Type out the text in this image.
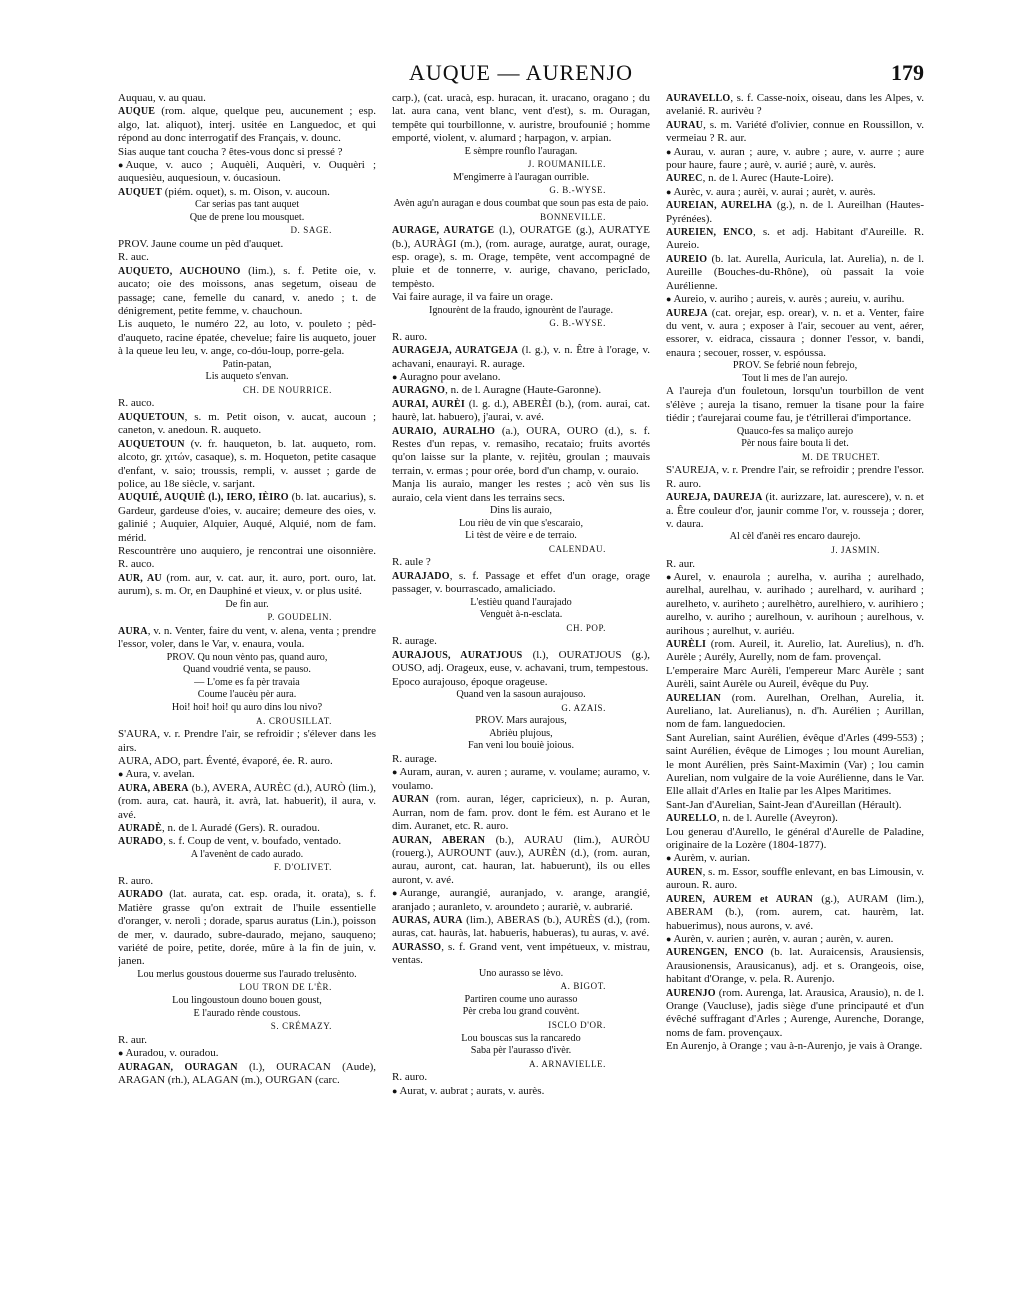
AUQUE — AURENJO	179

Auquau, v. au quau.

AUQUE (rom. alque, quelque peu, aucunement ; esp. algo, lat. aliquot), interj. usitée en Languedoc, et qui répond au donc interrogatif des Français, v. dounc.

Sias auque tant coucha ? êtes-vous donc si pressé ?

● Auque, v. auco ; Auquèli, Auquèri, v. Ouquèri ; auquesièu, auquesioun, v. óucasioun.

AUQUET (piém. oquet), s. m. Oison, v. aucoun.

Car serias pas tant auquet

Que de prene lou mousquet.

D. SAGE.

PROV. Jaune coume un pèd d'auquet.

R. auc.

AUQUETO, AUCHOUNO (lim.), s. f. Petite oie, v. aucato; oie des moissons, anas segetum, oiseau de passage; cane, femelle du canard, v. anedo ; t. de dénigrement, petite femme, v. chauchoun.

Lis auqueto, le numéro 22, au loto, v. pouleto ; pèd-d'auqueto, racine épatée, chevelue; faire lis auqueto, jouer à la queue leu leu, v. ange, co-dóu-loup, porre-gela.

Patin-patan,

Lis auqueto s'envan.

CH. DE NOURRICE.

R. auco.

AUQUETOUN, s. m. Petit oison, v. aucat, aucoun ; caneton, v. anedoun. R. auqueto.

AUQUETOUN (v. fr. hauqueton, b. lat. auqueto, rom. alcoto, gr. χιτών, casaque), s. m. Hoqueton, petite casaque d'enfant, v. saio; troussis, rempli, v. ausset ; garde de police, au 18e siècle, v. sarjant.

AUQUIÉ, AUQUIÈ (l.), IERO, IÈIRO (b. lat. aucarius), s. Gardeur, gardeuse d'oies, v. aucaire; demeure des oies, v. galinié ; Auquier, Alquier, Auqué, Alquié, nom de fam. mérid.

Rescountrère uno auquiero, je rencontrai une oisonnière. R. auco.

AUR, AU (rom. aur, v. cat. aur, it. auro, port. ouro, lat. aurum), s. m. Or, en Dauphiné et vieux, v. or plus usité.

De fin aur.

P. GOUDELIN.

AURA, v. n. Venter, faire du vent, v. alena, venta ; prendre l'essor, voler, dans le Var, v. enaura, voula.

PROV. Qu noun vènto pas, quand auro,

Quand voudrié venta, se pauso.

— L'ome es fa pèr travaia

Coume l'aucèu pèr aura.

Hoi! hoi! hoi! qu auro dins lou nivo?

A. CROUSILLAT.

S'AURA, v. r. Prendre l'air, se refroidir ; s'élever dans les airs.

AURA, ADO, part. Éventé, évaporé, ée. R. auro.

● Aura, v. avelan.

AURA, ABERA (b.), AVERA, AURÈC (d.), AURÒ (lim.), (rom. aura, cat. haurà, it. avrà, lat. habuerit), il aura, v. avé.

AURADÈ, n. de l. Auradé (Gers). R. ouradou.

AURADO, s. f. Coup de vent, v. boufado, ventado.

A l'avenènt de cado aurado.

F. D'OLIVET.

R. auro.

AURADO (lat. aurata, cat. esp. orada, it. orata), s. f. Matière grasse qu'on extrait de l'huile essentielle d'oranger, v. nerolì ; dorade, sparus auratus (Lin.), poisson de mer, v. daurado, subre-daurado, mejano, sauqueno; variété de poire, petite, dorée, mûre à la fin de juin, v. janen.

Lou merlus goustous douerme sus l'aurado trelusènto.

LOU TRON DE L'ÈR.

Lou lingoustoun douno bouen goust,

E l'aurado rènde coustous.

S. CRÉMAZY.

R. aur.

● Auradou, v. ouradou.

AURAGAN, OURAGAN (l.), OURACAN (Aude), ARAGAN (rh.), ALAGAN (m.), OURGAN (carc.

carp.), (cat. uracà, esp. huracan, it. uracano, oragano ; du lat. aura cana, vent blanc, vent d'est), s. m. Ouragan, tempête qui tourbillonne, v. auristre, broufounié ; homme emporté, violent, v. alumard ; harpagon, v. arpian.

E sèmpre rounflo l'auragan.

J. ROUMANILLE.

M'engimerre à l'auragan ourrible.

G. B.-WYSE.

Avèn agu'n auragan e dous coumbat que soun pas esta de paio.

BONNEVILLE.

AURAGE, AURATGE (l.), OURATGE (g.), AURATYE (b.), AURÀGI (m.), (rom. aurage, auratge, aurat, ourage, esp. orage), s. m. Orage, tempête, vent accompagné de pluie et de tonnerre, v. aurige, chavano, pericIado, tempèsto.

Vai faire aurage, il va faire un orage.

Ignourènt de la fraudo, ignourènt de l'aurage.

G. B.-WYSE.

R. auro.

AURAGEJA, AURATGEJA (l. g.), v. n. Être à l'orage, v. achavani, enaurayi. R. aurage.

● Auragno pour avelano.

AURAGNO, n. de l. Auragne (Haute-Garonne).

AURAI, AURÈI (l. g. d.), ABERÈI (b.), (rom. aurai, cat. haurè, lat. habuero), j'aurai, v. avé.

AURAIO, AURALHO (a.), OURA, OURO (d.), s. f. Restes d'un repas, v. remasiho, recataio; fruits avortés qu'on laisse sur la plante, v. rejitèu, groulan ; mauvais terrain, v. ermas ; pour orée, bord d'un champ, v. ouraio.

Manja lis auraio, manger les restes ; acò vèn sus lis auraio, cela vient dans les terrains secs.

Dins lis auraio,

Lou rièu de vin que s'escaraio,

Li tèst de vèire e de terraio.

CALENDAU.

R. aule ?

AURAJADO, s. f. Passage et effet d'un orage, orage passager, v. bourrascado, amaliciado.

L'estièu quand l'aurajado

Venguèt à-n-esclata.

CH. POP.

R. aurage.

AURAJOUS, AURATJOUS (l.), OURATJOUS (g.), OUSO, adj. Orageux, euse, v. achavani, trum, tempestous.

Epoco aurajouso, époque orageuse.

Quand ven la sasoun aurajouso.

G. AZAIS.

PROV. Mars aurajous,

Abrièu plujous,

Fan veni lou bouiè joious.

R. aurage.

● Auram, auran, v. auren ; aurame, v. voulame; auramo, v. voulamo.

AURAN (rom. auran, léger, capricieux), n. p. Auran, Aurran, nom de fam. prov. dont le fém. est Aurano et le dim. Auranet, etc. R. auro.

AURAN, ABERAN (b.), AURAU (lim.), AURÒU (rouerg.), AUROUNT (auv.), AURÈN (d.), (rom. auran, aurau, auront, cat. hauran, lat. habuerunt), ils ou elles auront, v. avé.

● Aurange, aurangié, auranjado, v. arange, arangié, aranjado ; auranleto, v. aroundeto ; aurariè, v. aubrarié.

AURAS, AURA (lim.), ABERAS (b.), AURÈS (d.), (rom. auras, cat. hauràs, lat. habueris, habueras), tu auras, v. avé.

AURASSO, s. f. Grand vent, vent impétueux, v. mistrau, ventas.

Uno aurasso se lèvo.

A. BIGOT.

Partiren coume uno aurasso

Pèr creba lou grand couvènt.

ISCLO D'OR.

Lou bouscas sus la rancaredo

Saba pèr l'aurasso d'ivèr.

A. ARNAVIELLE.

R. auro.

● Aurat, v. aubrat ; aurats, v. aurès.

AURAVELLO, s. f. Casse-noix, oiseau, dans les Alpes, v. avelanié. R. aurivèu ?

AURAU, s. m. Variété d'olivier, connue en Roussillon, v. vermeiau ? R. aur.

● Aurau, v. auran ; aure, v. aubre ; aure, v. aurre ; aure pour haure, faure ; aurè, v. aurié ; aurè, v. aurès.

AUREC, n. de l. Aurec (Haute-Loire).

● Aurèc, v. aura ; aurèi, v. aurai ; aurèt, v. aurès.

AUREIAN, AURELHA (g.), n. de l. Aureilhan (Hautes-Pyrénées).

AUREIEN, ENCO, s. et adj. Habitant d'Aureille. R. Aureio.

AUREIO (b. lat. Aurella, Auricula, lat. Aurelia), n. de l. Aureille (Bouches-du-Rhône), où passait la voie Aurélienne.

● Aureio, v. auriho ; aureis, v. aurès ; aureiu, v. aurihu.

AUREJA (cat. orejar, esp. orear), v. n. et a. Venter, faire du vent, v. aura ; exposer à l'air, secouer au vent, aérer, essorer, v. eidraca, cissaura ; donner l'essor, v. bandi, enaura ; secouer, rosser, v. espóussa.

PROV. Se febrié noun febrejo,

Tout li mes de l'an aurejo.

A l'aureja d'un fouletoun, lorsqu'un tourbillon de vent s'élève ; aureja la tisano, remuer la tisane pour la faire tiédir ; t'aurejarai coume fau, je t'étrillerai d'importance.

Quauco-fes sa maliço aurejo

Pèr nous faire bouta li det.

M. DE TRUCHET.

S'AUREJA, v. r. Prendre l'air, se refroidir ; prendre l'essor. R. auro.

AUREJA, DAUREJA (it. aurizzare, lat. aurescere), v. n. et a. Être couleur d'or, jaunir comme l'or, v. rousseja ; dorer, v. daura.

Al cèl d'anèi res encaro daurejo.

J. JASMIN.

R. aur.

● Aurel, v. enaurola ; aurelha, v. auriha ; aurelhado, aurelhal, aurelhau, v. aurihado ; aurelhard, v. aurihard ; aurelheto, v. auriheto ; aurelhètro, aurelhiero, v. aurihiero ; aurelho, v. auriho ; aurelhoun, v. aurihoun ; aurelhous, v. aurihous ; aurelhut, v. auriéu.

AURÈLI (rom. Aureil, it. Aurelio, lat. Aurelius), n. d'h. Aurèle ; Aurély, Aurelly, nom de fam. provençal.

L'emperaire Marc Aurèli, l'empereur Marc Aurèle ; sant Aurèli, saint Aurèle ou Aureil, évêque du Puy.

AURELIAN (rom. Aurelhan, Orelhan, Aurelia, it. Aureliano, lat. Aurelianus), n. d'h. Aurélien ; Aurillan, nom de fam. languedocien.

Sant Aurelian, saint Aurélien, évêque d'Arles (499-553) ; saint Aurélien, évêque de Limoges ; lou mount Aurelian, le mont Aurélien, près Saint-Maximin (Var) ; lou camin Aurelian, nom vulgaire de la voie Aurélienne, dans le Var. Elle allait d'Arles en Italie par les Alpes Maritimes.

Sant-Jan d'Aurelian, Saint-Jean d'Aureillan (Hérault).

AURELLO, n. de l. Aurelle (Aveyron).

Lou generau d'Aurello, le général d'Aurelle de Paladine, originaire de la Lozère (1804-1877).

● Aurèm, v. aurian.

AUREN, s. m. Essor, souffle enlevant, en bas Limousin, v. auroun. R. auro.

AUREN, AUREM et AURAN (g.), AURAM (lim.), ABERAM (b.), (rom. aurem, cat. haurèm, lat. habuerimus), nous aurons, v. avé.

● Aurèn, v. aurien ; aurèn, v. auran ; aurèn, v. auren.

AURENGEN, ENCO (b. lat. Auraicensis, Arausiensis, Arausionensis, Arausicanus), adj. et s. Orangeois, oise, habitant d'Orange, v. pela. R. Aurenjo.

AURENJO (rom. Aurenga, lat. Arausica, Arausio), n. de l. Orange (Vaucluse), jadis siège d'une principauté et d'un évêché suffragant d'Arles ; Aurenge, Aurenche, Dorange, noms de fam. provençaux.

En Aurenjo, à Orange ; vau à-n-Aurenjo, je vais à Orange.
